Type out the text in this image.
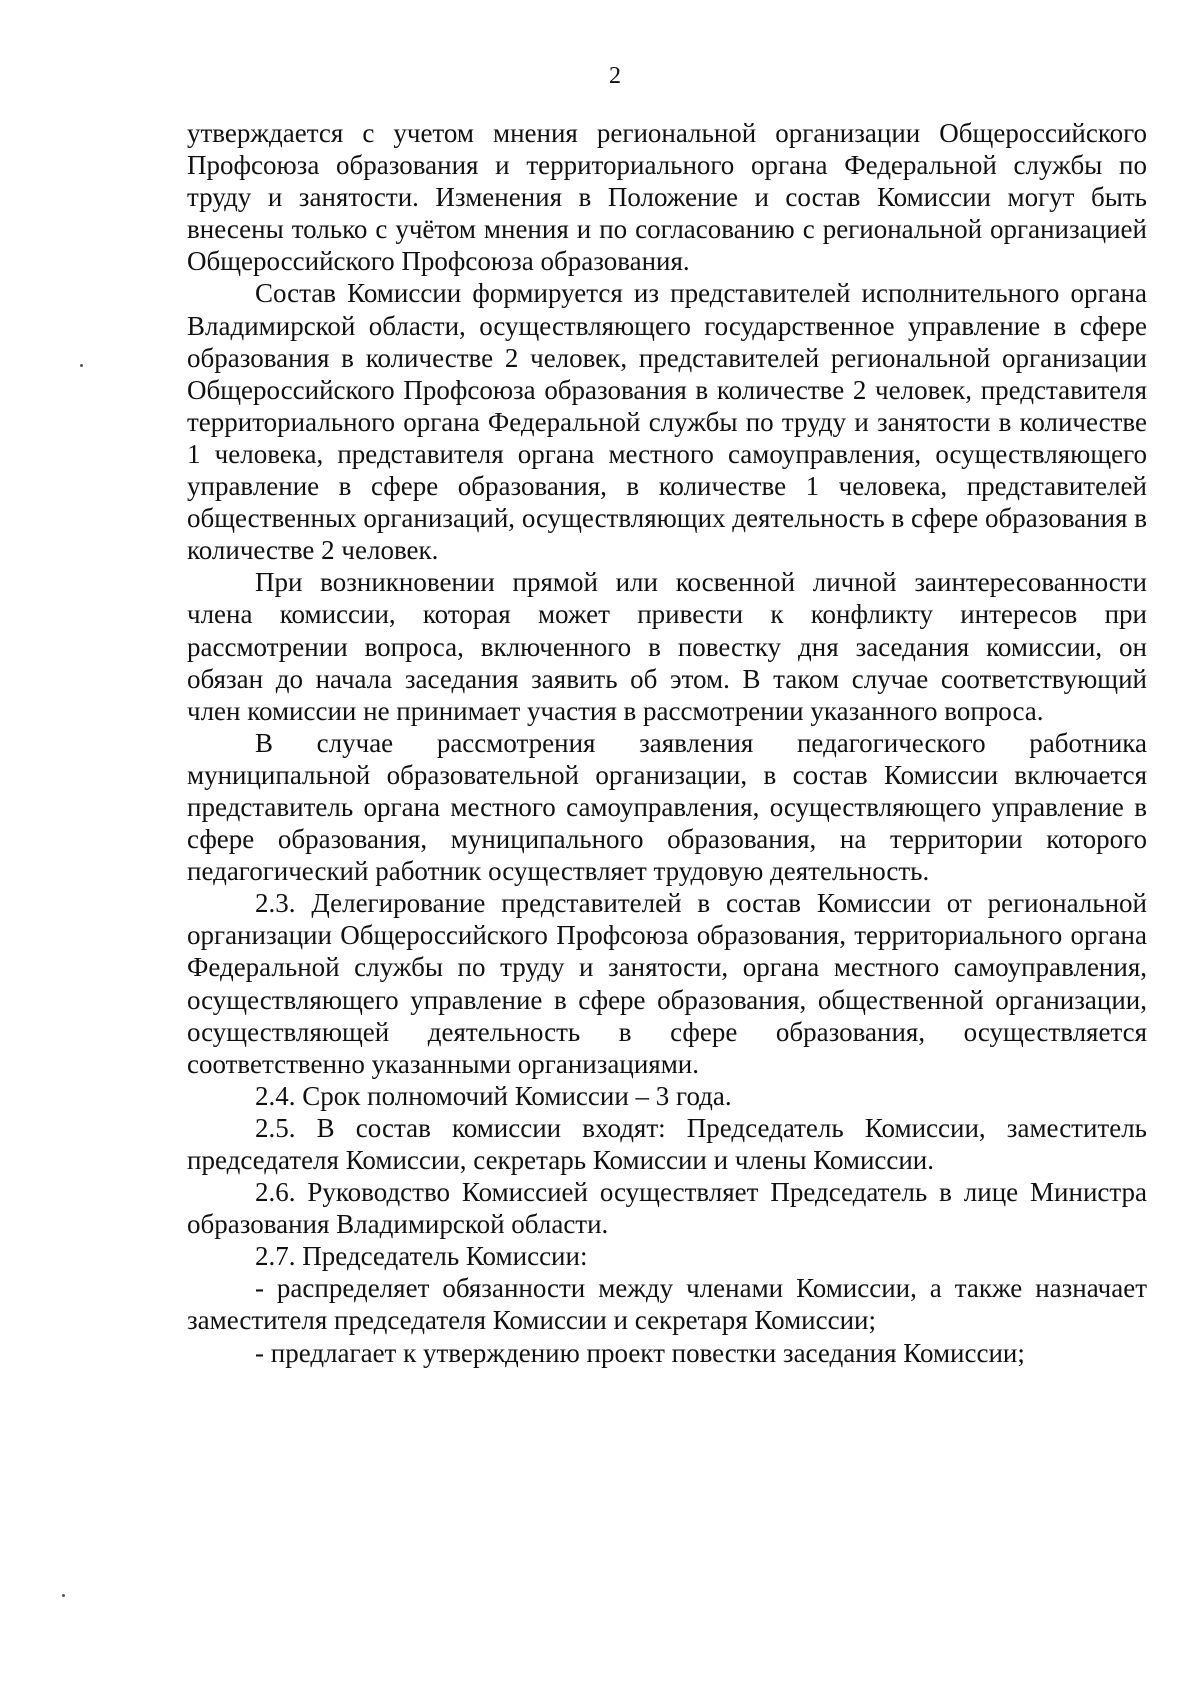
2

утверждается с учетом мнения региональной организации Общероссийского Профсоюза образования и территориального органа Федеральной службы по труду и занятости. Изменения в Положение и состав Комиссии могут быть внесены только с учётом мнения и по согласованию с региональной организацией Общероссийского Профсоюза образования.

Состав Комиссии формируется из представителей исполнительного органа Владимирской области, осуществляющего государственное управление в сфере образования в количестве 2 человек, представителей региональной организации Общероссийского Профсоюза образования в количестве 2 человек, представителя территориального органа Федеральной службы по труду и занятости в количестве 1 человека, представителя органа местного самоуправления, осуществляющего управление в сфере образования, в количестве 1 человека, представителей общественных организаций, осуществляющих деятельность в сфере образования в количестве 2 человек.

При возникновении прямой или косвенной личной заинтересованности члена комиссии, которая может привести к конфликту интересов при рассмотрении вопроса, включенного в повестку дня заседания комиссии, он обязан до начала заседания заявить об этом. В таком случае соответствующий член комиссии не принимает участия в рассмотрении указанного вопроса.

В случае рассмотрения заявления педагогического работника муниципальной образовательной организации, в состав Комиссии включается представитель органа местного самоуправления, осуществляющего управление в сфере образования, муниципального образования, на территории которого педагогический работник осуществляет трудовую деятельность.

2.3. Делегирование представителей в состав Комиссии от региональной организации Общероссийского Профсоюза образования, территориального органа Федеральной службы по труду и занятости, органа местного самоуправления, осуществляющего управление в сфере образования, общественной организации, осуществляющей деятельность в сфере образования, осуществляется соответственно указанными организациями.

2.4. Срок полномочий Комиссии – 3 года.

2.5. В состав комиссии входят: Председатель Комиссии, заместитель председателя Комиссии, секретарь Комиссии и члены Комиссии.

2.6. Руководство Комиссией осуществляет Председатель в лице Министра образования Владимирской области.

2.7. Председатель Комиссии:

- распределяет обязанности между членами Комиссии, а также назначает заместителя председателя Комиссии и секретаря Комиссии;

- предлагает к утверждению проект повестки заседания Комиссии;
